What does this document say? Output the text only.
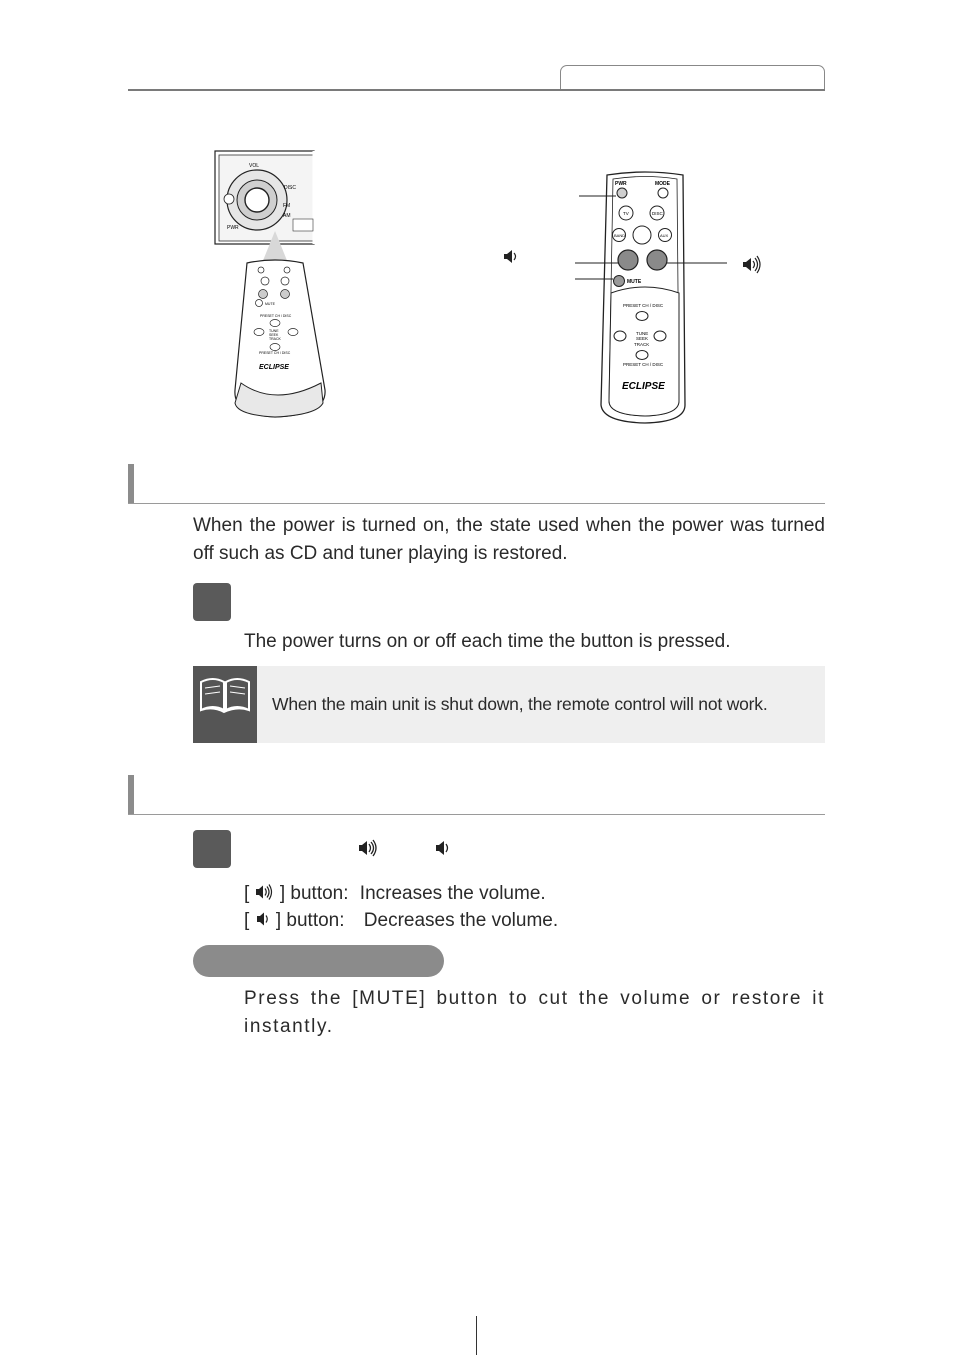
VOL
DISC
FM
AM
PWR
MUTE
PRESET CH / DISC
TUNE
SEEK
TRACK
PRESET CH / DISC
ECLIPSE
PWR	MODE
TV	DISC
BAND	AUX
MUTE
PRESET CH / DISC
TUNE
SEEK
TRACK
PRESET CH / DISC
ECLIPSE
When the power is turned on, the state used when the power was turned off such as CD and tuner playing is restored.
The power turns on or off each time the button is pressed.
When the main unit is shut down, the remote control will not work.
[ ] button: Increases the volume.
[ ] button: Decreases the volume.
Press the [MUTE] button to cut the volume or restore it instantly.
